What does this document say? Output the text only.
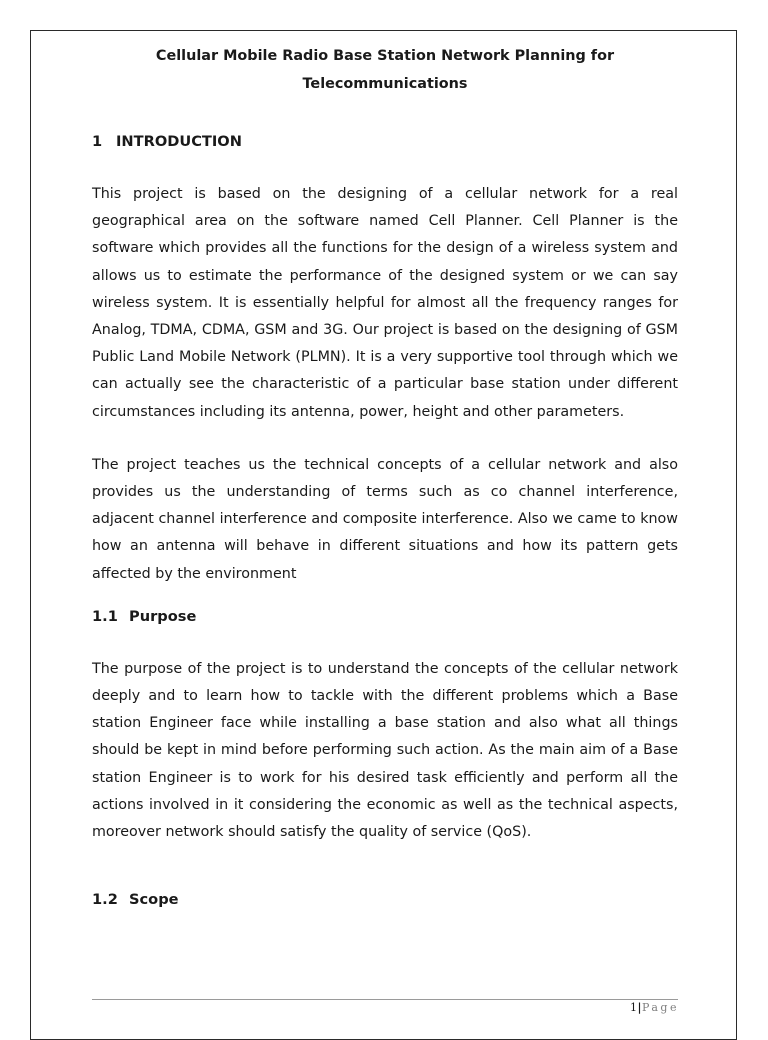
Cellular Mobile Radio Base Station Network Planning for
Telecommunications

1 INTRODUCTION

This project is based on the designing of a cellular network for a real geographical area on the software named Cell Planner. Cell Planner is the software which provides all the functions for the design of a wireless system and allows us to estimate the performance of the designed system or we can say wireless system. It is essentially helpful for almost all the frequency ranges for Analog, TDMA, CDMA, GSM and 3G. Our project is based on the designing of GSM Public Land Mobile Network (PLMN). It is a very supportive tool through which we can actually see the characteristic of a particular base station under different circumstances including its antenna, power, height and other parameters.

The project teaches us the technical concepts of a cellular network and also provides us the understanding of terms such as co channel interference, adjacent channel interference and composite interference. Also we came to know how an antenna will behave in different situations and how its pattern gets affected by the environment

1.1 Purpose

The purpose of the project is to understand the concepts of the cellular network deeply and to learn how to tackle with the different problems which a Base station Engineer face while installing a base station and also what all things should be kept in mind before performing such action. As the main aim of a Base station Engineer is to work for his desired task efficiently and perform all the actions involved in it considering the economic as well as the technical aspects, moreover network should satisfy the quality of service (QoS).

1.2 Scope
1|Page
